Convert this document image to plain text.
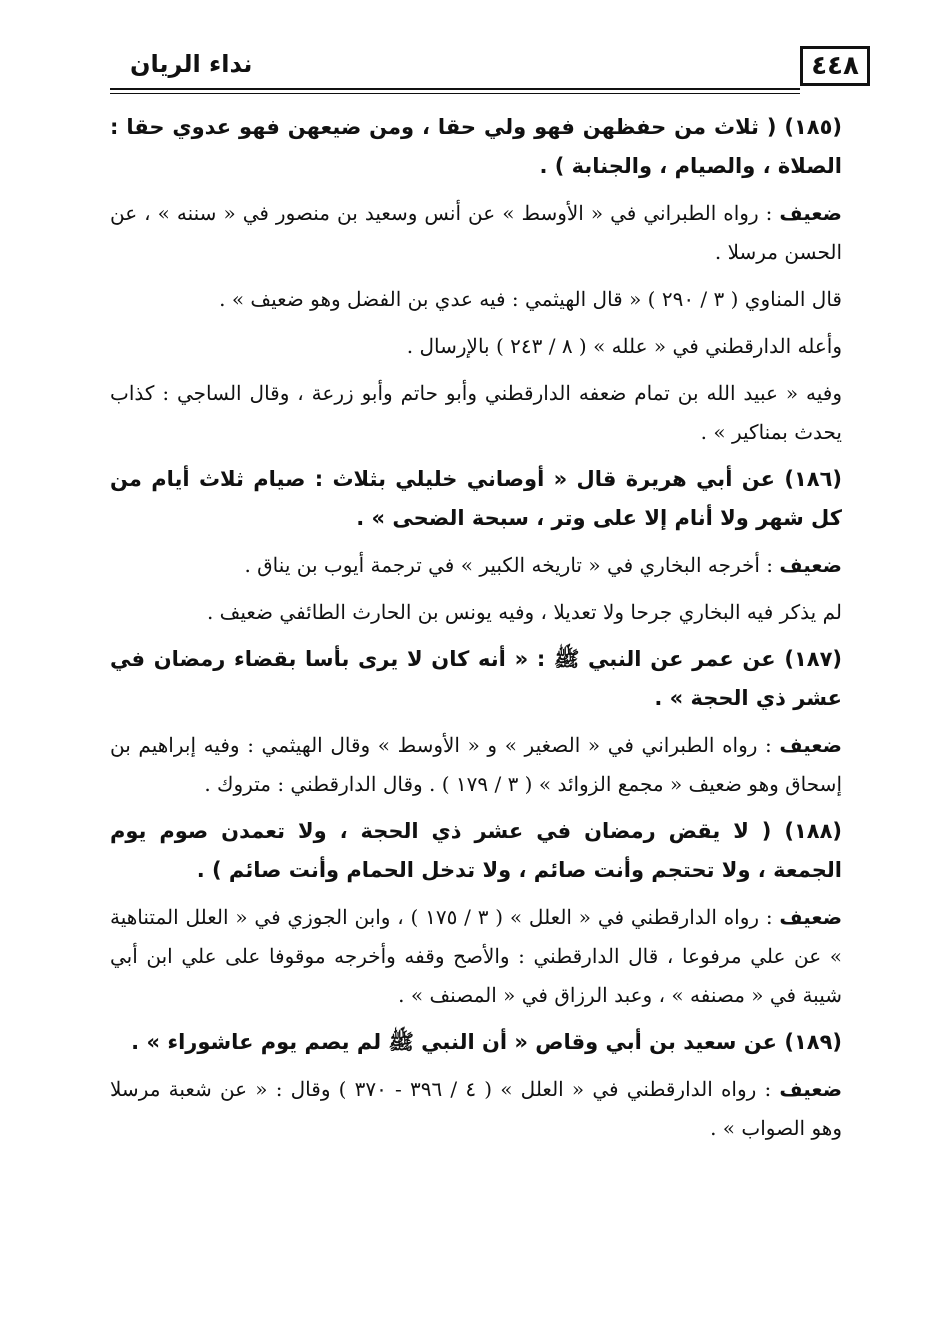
٤٤٨
نداء الريان
(١٨٥) ( ثلاث من حفظهن فهو ولي حقا ، ومن ضيعهن فهو عدوي حقا : الصلاة ، والصيام ، والجنابة ) .
ضعيف : رواه الطبراني في « الأوسط » عن أنس وسعيد بن منصور في « سننه » ، عن الحسن مرسلا .
قال المناوي ( ٣ / ٢٩٠ ) « قال الهيثمي : فيه عدي بن الفضل وهو ضعيف » .
وأعله الدارقطني في « علله » ( ٨ / ٢٤٣ ) بالإرسال .
وفيه « عبيد الله بن تمام ضعفه الدارقطني وأبو حاتم وأبو زرعة ، وقال الساجي : كذاب يحدث بمناكير » .
(١٨٦) عن أبي هريرة قال « أوصاني خليلي بثلاث : صيام ثلاث أيام من كل شهر ولا أنام إلا على وتر ، سبحة الضحى » .
ضعيف : أخرجه البخاري في « تاريخه الكبير » في ترجمة أيوب بن يناق .
لم يذكر فيه البخاري جرحا ولا تعديلا ، وفيه يونس بن الحارث الطائفي ضعيف .
(١٨٧) عن عمر عن النبي ﷺ : « أنه كان لا يرى بأسا بقضاء رمضان في عشر ذي الحجة » .
ضعيف : رواه الطبراني في « الصغير » و « الأوسط » وقال الهيثمي : وفيه إبراهيم بن إسحاق وهو ضعيف « مجمع الزوائد » ( ٣ / ١٧٩ ) . وقال الدارقطني : متروك .
(١٨٨) ( لا يقض رمضان في عشر ذي الحجة ، ولا تعمدن صوم يوم الجمعة ، ولا تحتجم وأنت صائم ، ولا تدخل الحمام وأنت صائم ) .
ضعيف : رواه الدارقطني في « العلل » ( ٣ / ١٧٥ ) ، وابن الجوزي في « العلل المتناهية » عن علي مرفوعا ، قال الدارقطني : والأصح وقفه وأخرجه موقوفا على علي ابن أبي شيبة في « مصنفه » ، وعبد الرزاق في « المصنف » .
(١٨٩) عن سعيد بن أبي وقاص « أن النبي ﷺ لم يصم يوم عاشوراء » .
ضعيف : رواه الدارقطني في « العلل » ( ٤ / ٣٩٦ - ٣٧٠ ) وقال : « عن شعبة مرسلا وهو الصواب » .
